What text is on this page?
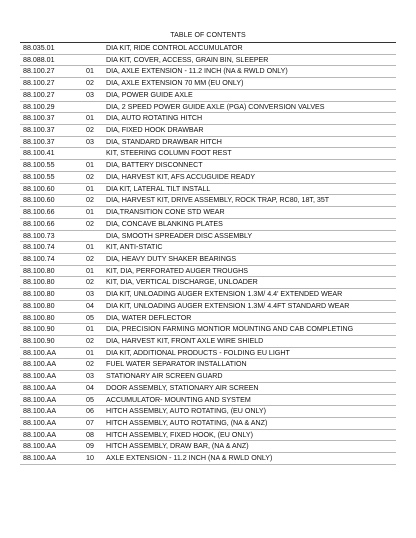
TABLE OF CONTENTS
88.035.01	DIA KIT, RIDE CONTROL ACCUMULATOR
88.088.01	DIA KIT, COVER, ACCESS, GRAIN BIN, SLEEPER
88.100.27	01 DIA, AXLE EXTENSION - 11.2 INCH (NA & RWLD ONLY)
88.100.27	02 DIA, AXLE EXTENSION 70 MM (EU ONLY)
88.100.27	03 DIA, POWER GUIDE AXLE
88.100.29	DIA, 2 SPEED POWER GUIDE AXLE (PGA) CONVERSION VALVES
88.100.37	01 DIA, AUTO ROTATING HITCH
88.100.37	02 DIA, FIXED HOOK DRAWBAR
88.100.37	03 DIA, STANDARD DRAWBAR HITCH
88.100.41	KIT, STEERING COLUMN FOOT REST
88.100.55	01 DIA, BATTERY DISCONNECT
88.100.55	02 DIA, HARVEST KIT, AFS ACCUGUIDE READY
88.100.60	01 DIA KIT, LATERAL TILT INSTALL
88.100.60	02 DIA, HARVEST KIT, DRIVE ASSEMBLY, ROCK TRAP, RC80, 18T, 35T
88.100.66	01 DIA,TRANSITION CONE STD WEAR
88.100.66	02 DIA, CONCAVE BLANKING PLATES
88.100.73	DIA, SMOOTH SPREADER DISC ASSEMBLY
88.100.74	01 KIT, ANTI-STATIC
88.100.74	02 DIA, HEAVY DUTY SHAKER BEARINGS
88.100.80	01 KIT, DIA, PERFORATED AUGER TROUGHS
88.100.80	02 KIT, DIA, VERTICAL DISCHARGE, UNLOADER
88.100.80	03 DIA KIT, UNLOADING AUGER EXTENSION 1.3M/ 4.4' EXTENDED WEAR
88.100.80	04 DIA KIT, UNLOADING AUGER EXTENSION 1.3M/ 4.4FT STANDARD WEAR
88.100.80	05 DIA, WATER DEFLECTOR
88.100.90	01 DIA, PRECISION FARMING MONTIOR MOUNTING AND CAB COMPLETING
88.100.90	02 DIA, HARVEST KIT, FRONT AXLE WIRE SHIELD
88.100.AA	01 DIA KIT, ADDITIONAL PRODUCTS - FOLDING EU LIGHT
88.100.AA	02 FUEL WATER SEPARATOR INSTALLATION
88.100.AA	03 STATIONARY AIR SCREEN GUARD
88.100.AA	04 DOOR ASSEMBLY, STATIONARY AIR SCREEN
88.100.AA	05 ACCUMULATOR- MOUNTING AND SYSTEM
88.100.AA	06 HITCH ASSEMBLY, AUTO ROTATING, (EU ONLY)
88.100.AA	07 HITCH ASSEMBLY, AUTO ROTATING, (NA & ANZ)
88.100.AA	08 HITCH ASSEMBLY, FIXED HOOK, (EU ONLY)
88.100.AA	09 HITCH ASSEMBLY, DRAW BAR, (NA & ANZ)
88.100.AA	10 AXLE EXTENSION - 11.2 INCH (NA & RWLD ONLY)
